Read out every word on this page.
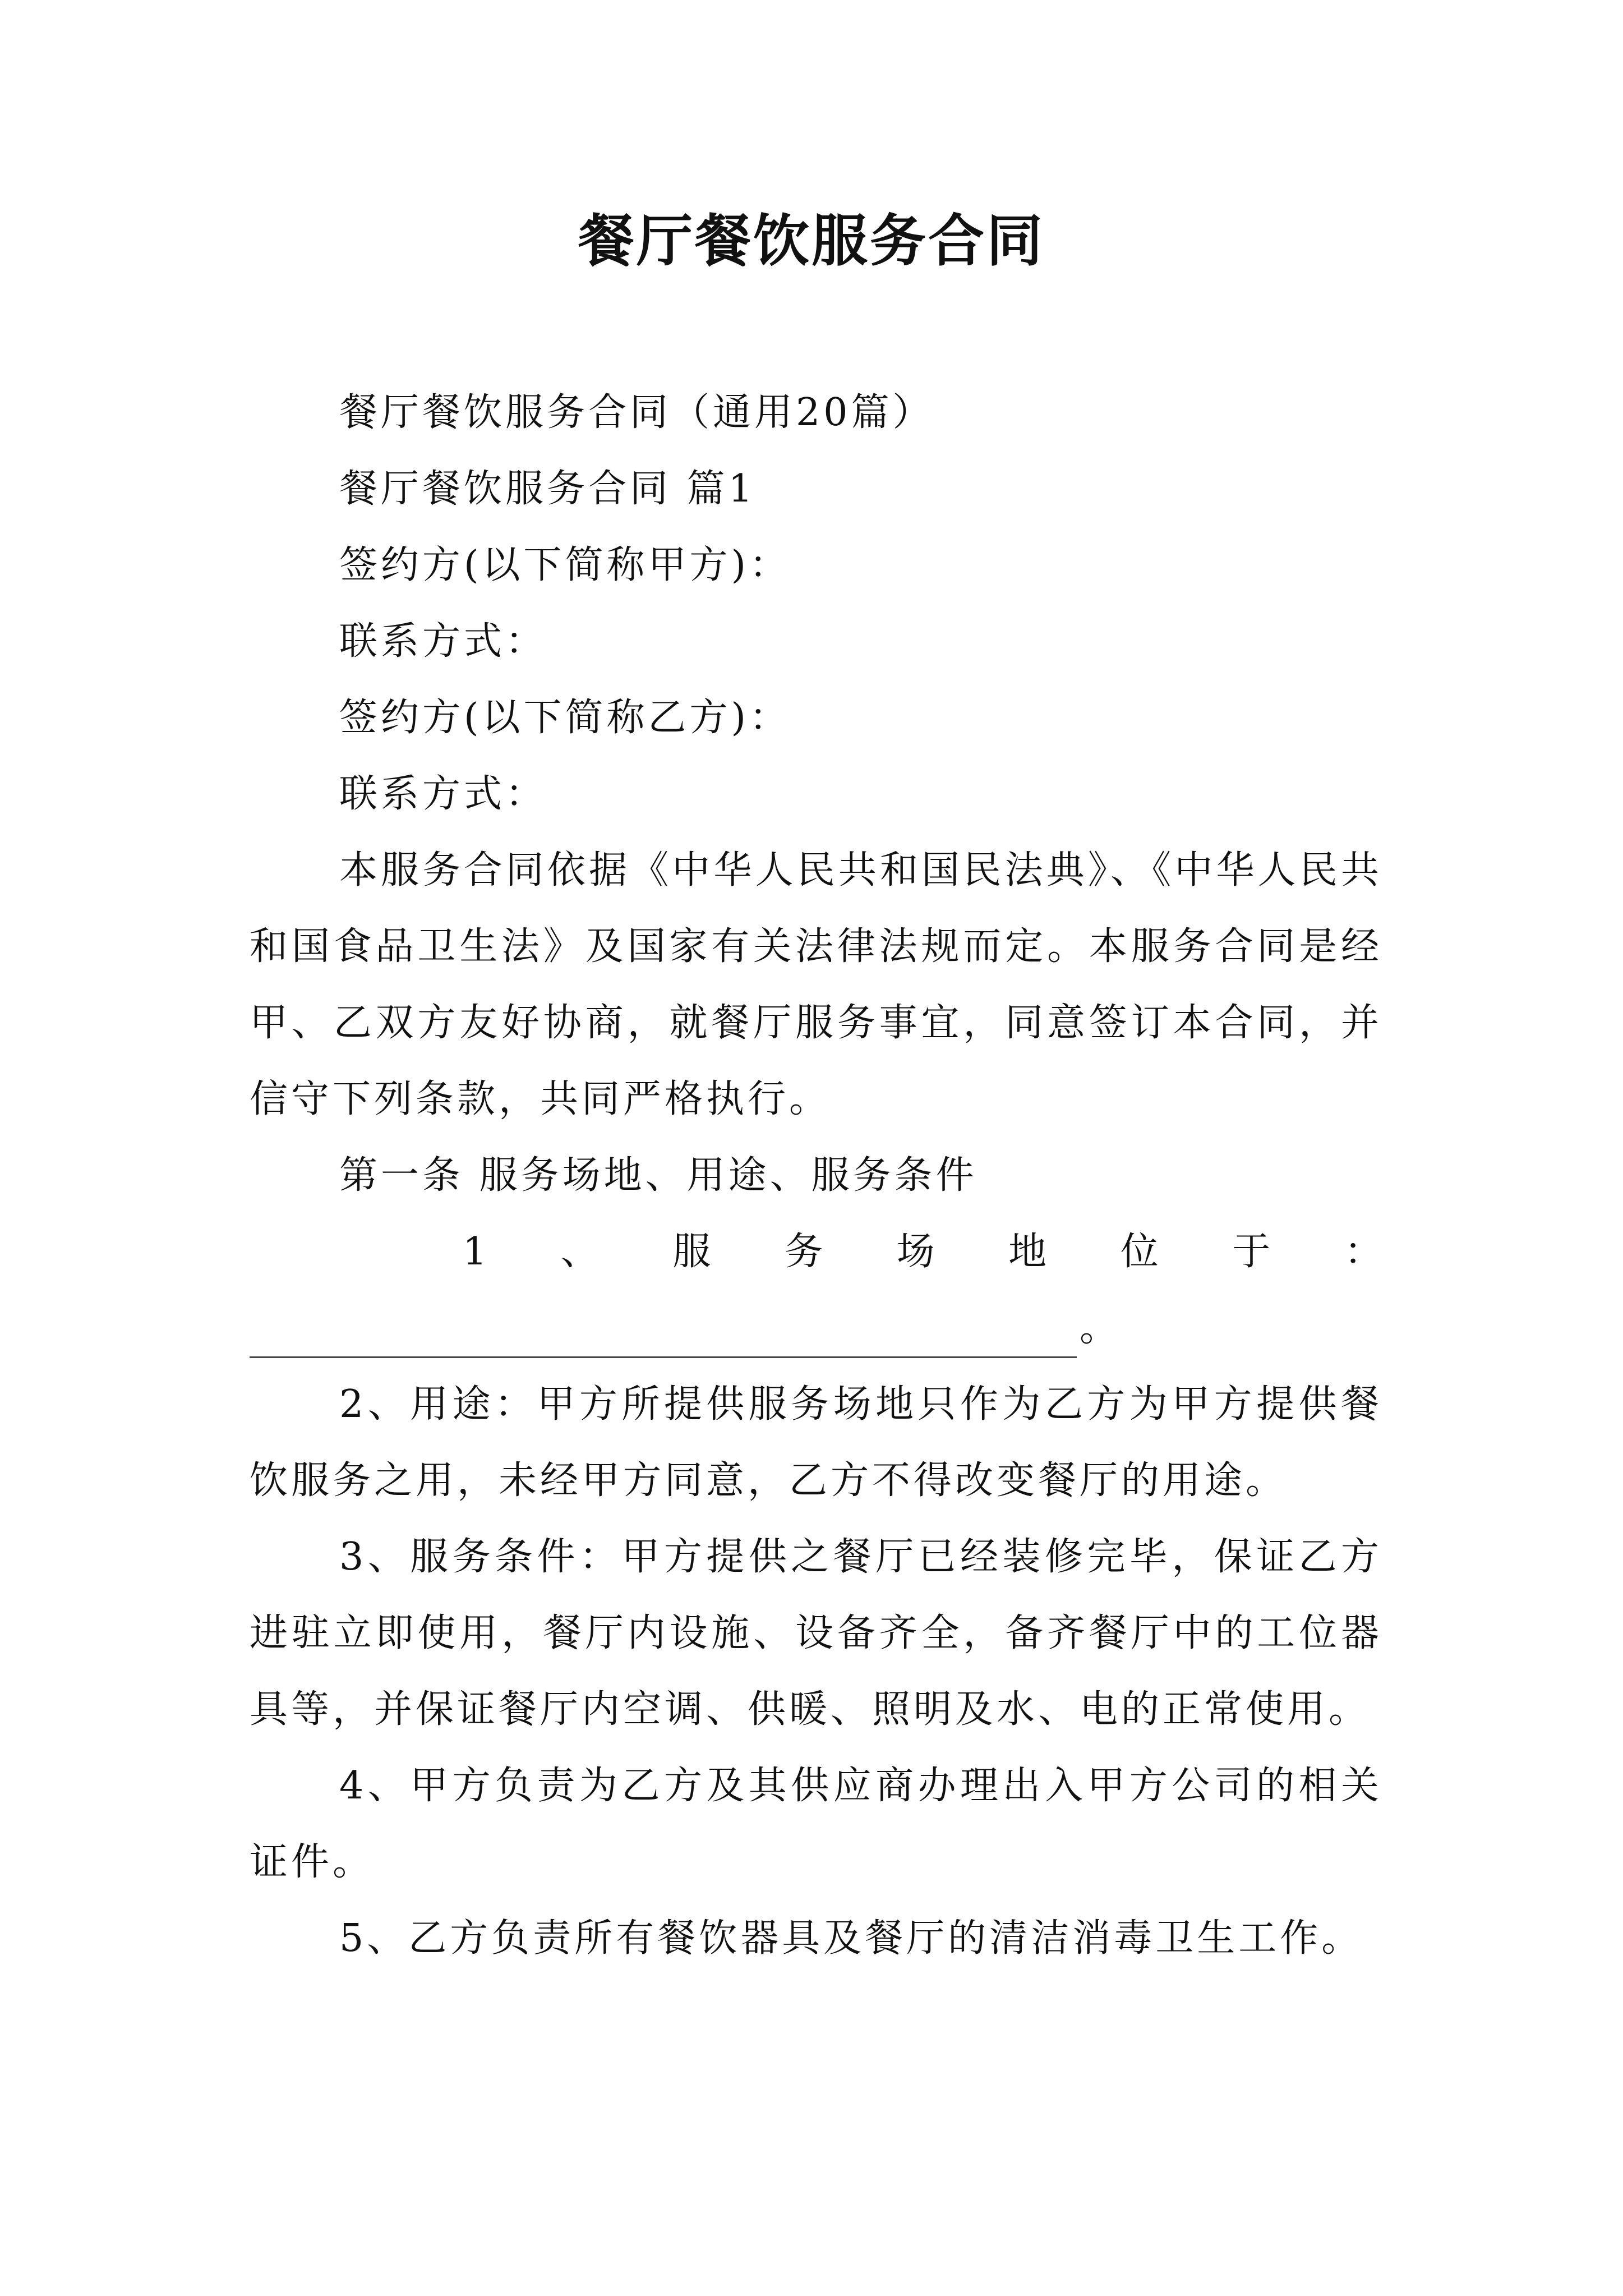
餐厅餐饮服务合同

餐厅餐饮服务合同（通用20篇）

餐厅餐饮服务合同 篇1

签约方(以下简称甲方)：

联系方式：

签约方(以下简称乙方)：

联系方式：

本服务合同依据《中华人民共和国民法典》、《中华人民共和国食品卫生法》及国家有关法律法规而定。本服务合同是经甲、乙双方友好协商，就餐厅服务事宜，同意签订本合同，并信守下列条款，共同严格执行。

第一条 服务场地、用途、服务条件

1 、 服 务 场 地 位 于 ：

。

2、用途：甲方所提供服务场地只作为乙方为甲方提供餐饮服务之用，未经甲方同意，乙方不得改变餐厅的用途。

3、服务条件：甲方提供之餐厅已经装修完毕，保证乙方进驻立即使用，餐厅内设施、设备齐全，备齐餐厅中的工位器具等，并保证餐厅内空调、供暖、照明及水、电的正常使用。

4、甲方负责为乙方及其供应商办理出入甲方公司的相关证件。

5、乙方负责所有餐饮器具及餐厅的清洁消毒卫生工作。
